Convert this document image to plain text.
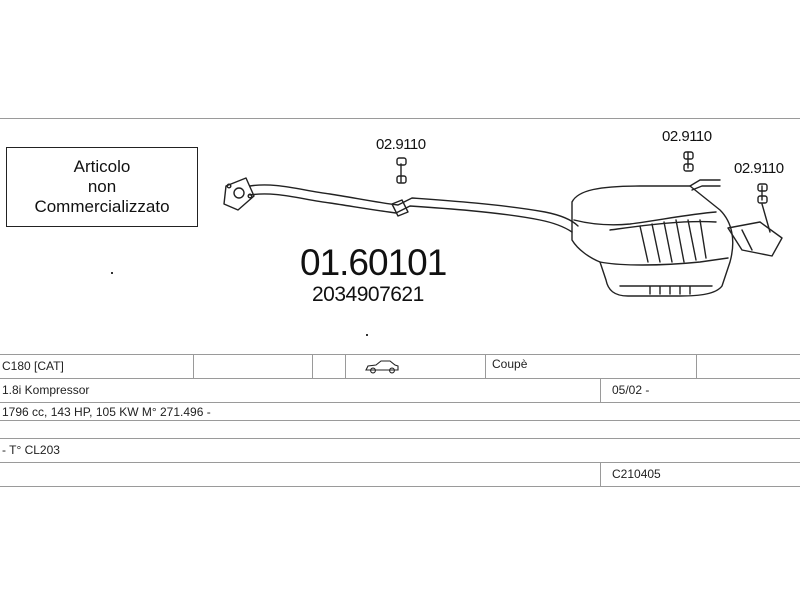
Articolo
non
Commercializzato
01.60101
2034907621
02.9110	02.9110
02.9110
C180 [CAT]	Coupè
1.8i Kompressor	05/02 -
1796 cc, 143 HP, 105 KW M° 271.496 -
- T° CL203
C210405
